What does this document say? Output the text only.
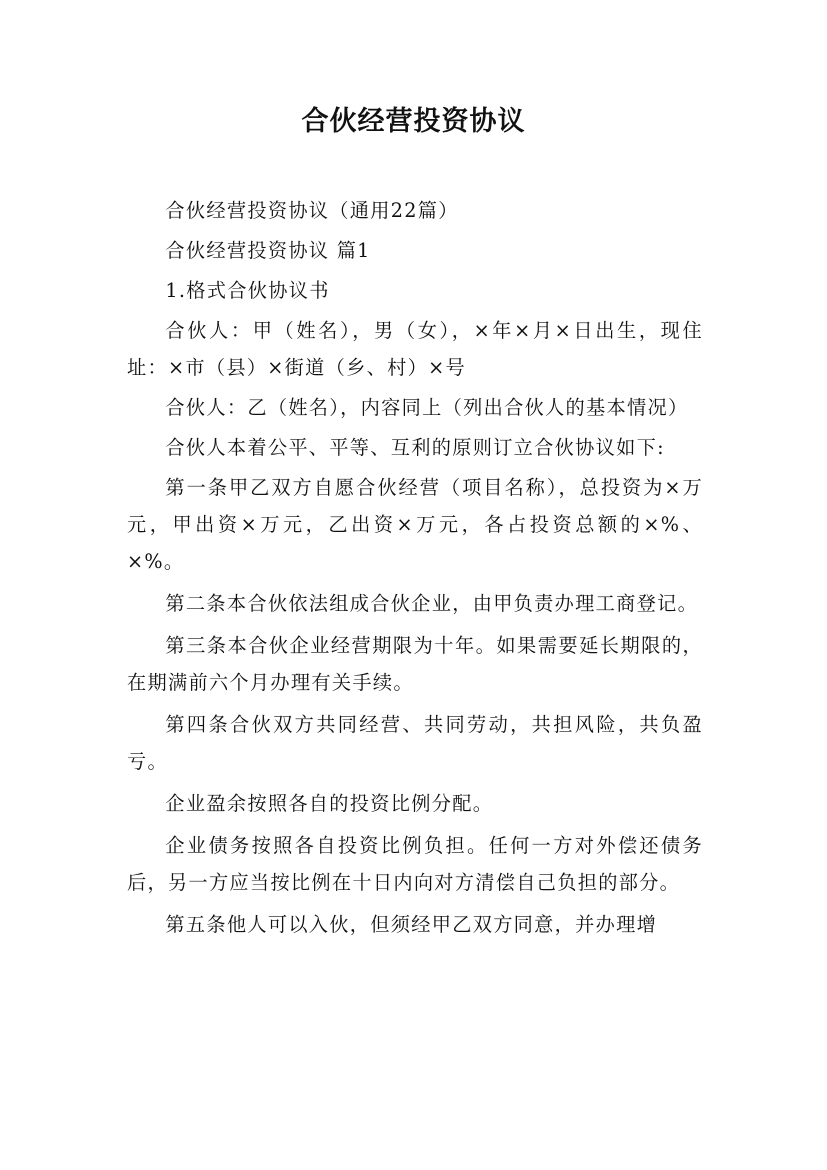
合伙经营投资协议

合伙经营投资协议（通用22篇）

合伙经营投资协议 篇1

1.格式合伙协议书

合伙人：甲（姓名），男（女），×年×月×日出生，现住址：×市（县）×街道（乡、村）×号

合伙人：乙（姓名），内容同上（列出合伙人的基本情况）

合伙人本着公平、平等、互利的原则订立合伙协议如下:

第一条甲乙双方自愿合伙经营（项目名称），总投资为×万元，甲出资×万元，乙出资×万元，各占投资总额的×%、×%。

第二条本合伙依法组成合伙企业，由甲负责办理工商登记。

第三条本合伙企业经营期限为十年。如果需要延长期限的，在期满前六个月办理有关手续。

第四条合伙双方共同经营、共同劳动，共担风险，共负盈亏。

企业盈余按照各自的投资比例分配。

企业债务按照各自投资比例负担。任何一方对外偿还债务后，另一方应当按比例在十日内向对方清偿自己负担的部分。

第五条他人可以入伙，但须经甲乙双方同意，并办理增
